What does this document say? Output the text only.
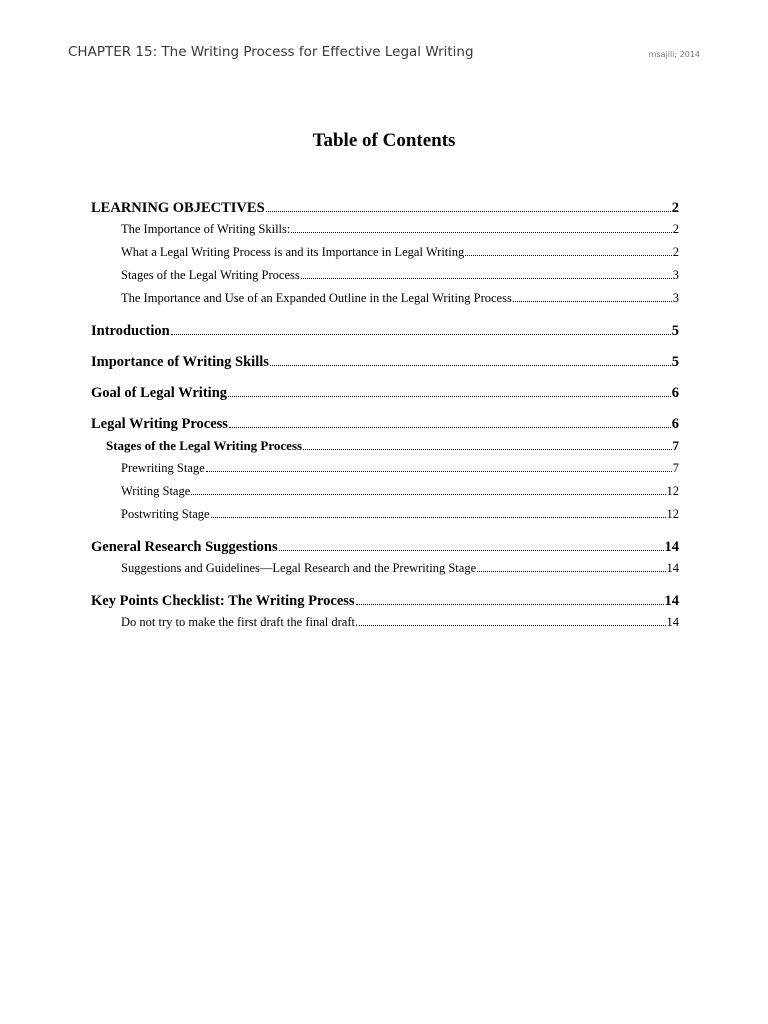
CHAPTER 15: The Writing Process for Effective Legal Writing	msajili; 2014
Table of Contents
LEARNING OBJECTIVES	2
The Importance of Writing Skills:	2
What a Legal Writing Process is and its Importance in Legal Writing	2
Stages of the Legal Writing Process	3
The Importance and Use of an Expanded Outline in the Legal Writing Process	3
Introduction	5
Importance of Writing Skills	5
Goal of Legal Writing	6
Legal Writing Process	6
Stages of the Legal Writing Process	7
Prewriting Stage	7
Writing Stage	12
Postwriting Stage	12
General Research Suggestions	14
Suggestions and Guidelines—Legal Research and the Prewriting Stage	14
Key Points Checklist: The Writing Process	14
Do not try to make the first draft the final draft.	14
